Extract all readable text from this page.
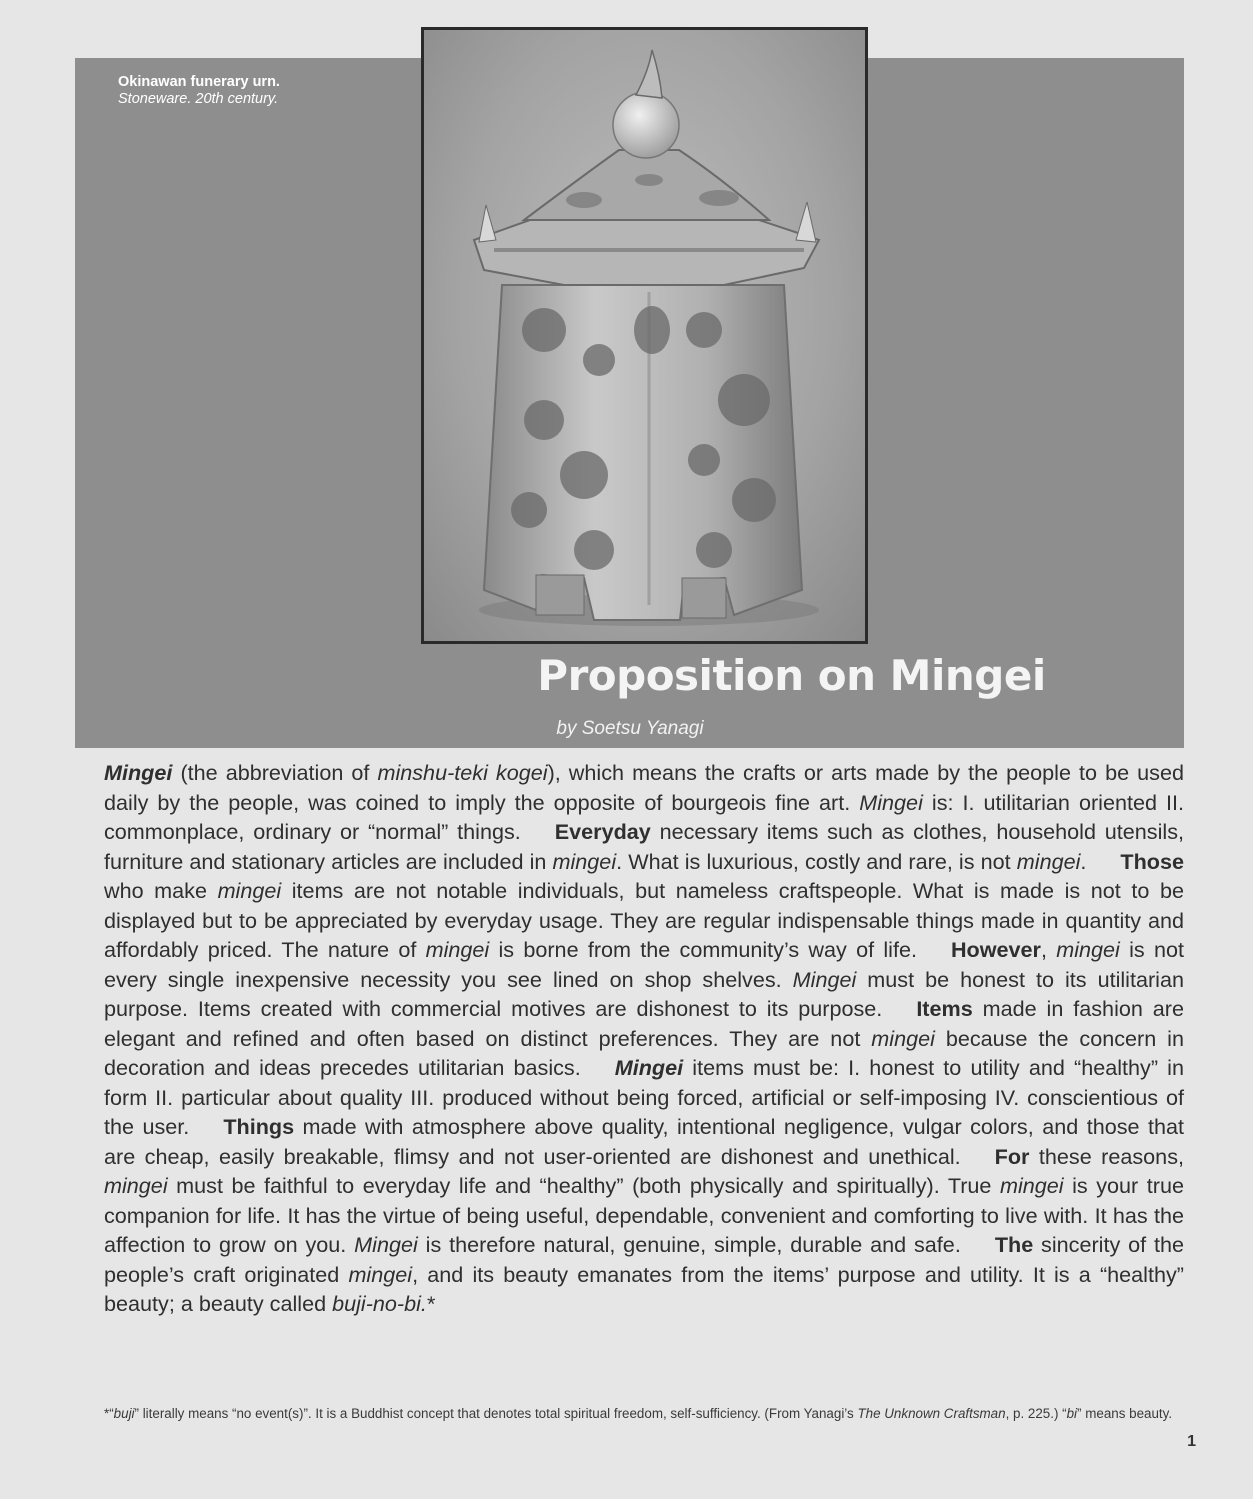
Okinawan funerary urn.
Stoneware. 20th century.
Proposition on Mingei
by Soetsu Yanagi

Mingei (the abbreviation of minshu-teki kogei), which means the crafts or arts made by the people to be used daily by the people, was coined to imply the opposite of bourgeois fine art. Mingei is: I. utilitarian oriented II. commonplace, ordinary or “normal” things. Everyday necessary items such as clothes, household utensils, furniture and stationary articles are included in mingei. What is luxurious, costly and rare, is not mingei. Those who make mingei items are not notable individuals, but nameless craftspeople. What is made is not to be displayed but to be appreciated by everyday usage. They are regular indispensable things made in quantity and affordably priced. The nature of mingei is borne from the community’s way of life. However, mingei is not every single inexpensive necessity you see lined on shop shelves. Mingei must be honest to its utilitarian purpose. Items created with commercial motives are dishonest to its purpose. Items made in fashion are elegant and refined and often based on distinct preferences. They are not mingei because the concern in decoration and ideas precedes utilitarian basics. Mingei items must be: I. honest to utility and “healthy” in form II. particular about quality III. produced without being forced, artificial or self-imposing IV. conscientious of the user. Things made with atmosphere above quality, intentional negligence, vulgar colors, and those that are cheap, easily breakable, flimsy and not user-oriented are dishonest and unethical. For these reasons, mingei must be faithful to everyday life and “healthy” (both physically and spiritually). True mingei is your true companion for life. It has the virtue of being useful, dependable, convenient and comforting to live with. It has the affection to grow on you. Mingei is therefore natural, genuine, simple, durable and safe. The sincerity of the people’s craft originated mingei, and its beauty emanates from the items’ purpose and utility. It is a “healthy” beauty; a beauty called buji-no-bi.*

*“buji” literally means “no event(s)”. It is a Buddhist concept that denotes total spiritual freedom, self-sufficiency. (From Yanagi’s The Unknown Craftsman, p. 225.) “bi” means beauty.

1
